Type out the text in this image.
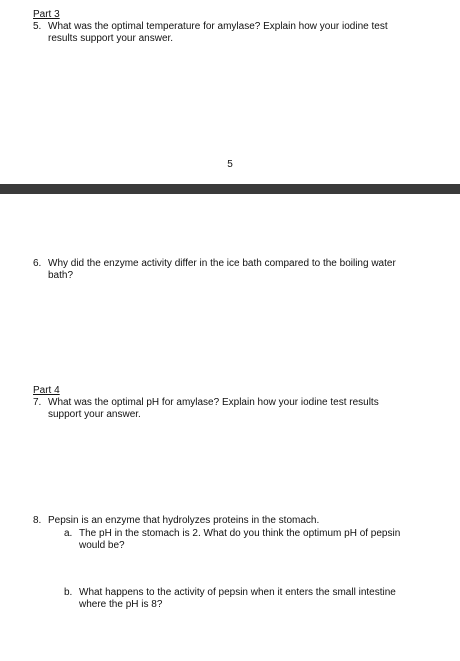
Part 3
5. What was the optimal temperature for amylase? Explain how your iodine test results support your answer.
5
6. Why did the enzyme activity differ in the ice bath compared to the boiling water bath?
Part 4
7. What was the optimal pH for amylase? Explain how your iodine test results support your answer.
8. Pepsin is an enzyme that hydrolyzes proteins in the stomach.
a. The pH in the stomach is 2. What do you think the optimum pH of pepsin would be?
b. What happens to the activity of pepsin when it enters the small intestine where the pH is 8?
